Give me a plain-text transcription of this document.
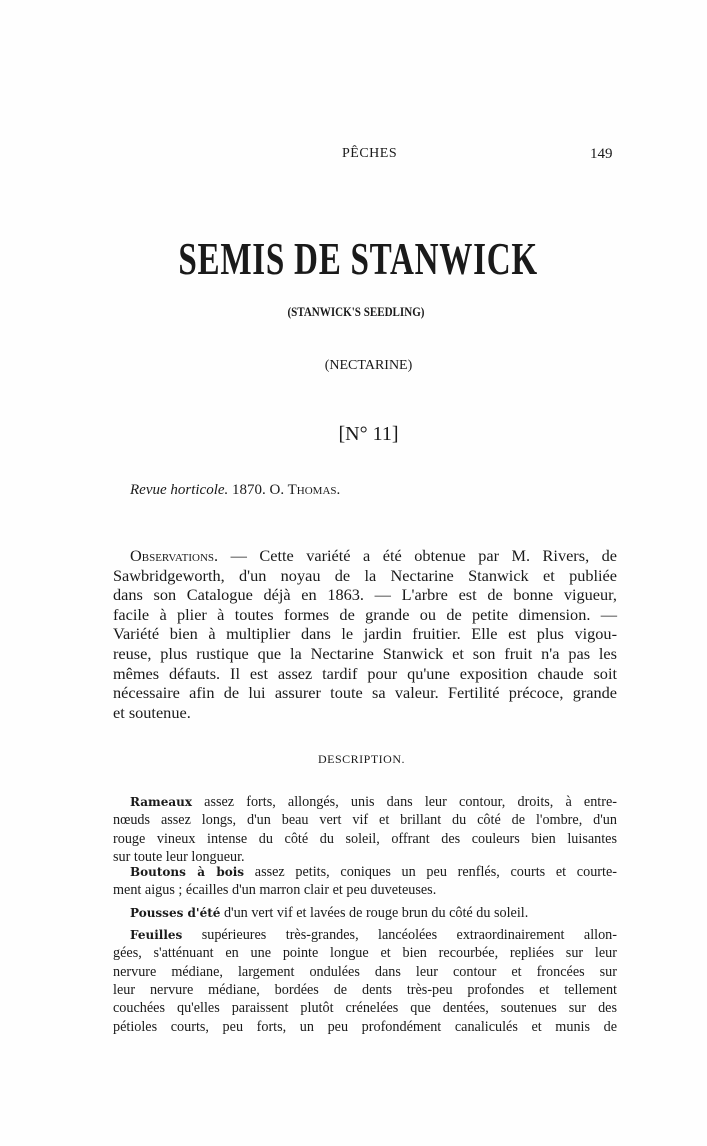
PÊCHES	149
SEMIS DE STANWICK
(STANWICK'S SEEDLING)
(NECTARINE)
[N° 11]
Revue horticole. 1870. O. Thomas.
Observations. — Cette variété a été obtenue par M. Rivers, de
Sawbridgeworth, d'un noyau de la Nectarine Stanwick et publiée
dans son Catalogue déjà en 1863. — L'arbre est de bonne vigueur,
facile à plier à toutes formes de grande ou de petite dimension. —
Variété bien à multiplier dans le jardin fruitier. Elle est plus vigou-
reuse, plus rustique que la Nectarine Stanwick et son fruit n'a pas les
mêmes défauts. Il est assez tardif pour qu'une exposition chaude soit
nécessaire afin de lui assurer toute sa valeur. Fertilité précoce, grande
et soutenue.
DESCRIPTION.
Rameaux assez forts, allongés, unis dans leur contour, droits, à entre-
nœuds assez longs, d'un beau vert vif et brillant du côté de l'ombre, d'un
rouge vineux intense du côté du soleil, offrant des couleurs bien luisantes
sur toute leur longueur.
Boutons à bois assez petits, coniques un peu renflés, courts et courte-
ment aigus ; écailles d'un marron clair et peu duveteuses.
Pousses d'été d'un vert vif et lavées de rouge brun du côté du soleil.
Feuilles supérieures très-grandes, lancéolées extraordinairement allon-
gées, s'atténuant en une pointe longue et bien recourbée, repliées sur leur
nervure médiane, largement ondulées dans leur contour et froncées sur
leur nervure médiane, bordées de dents très-peu profondes et tellement
couchées qu'elles paraissent plutôt crénelées que dentées, soutenues sur des
pétioles courts, peu forts, un peu profondément canaliculés et munis de
